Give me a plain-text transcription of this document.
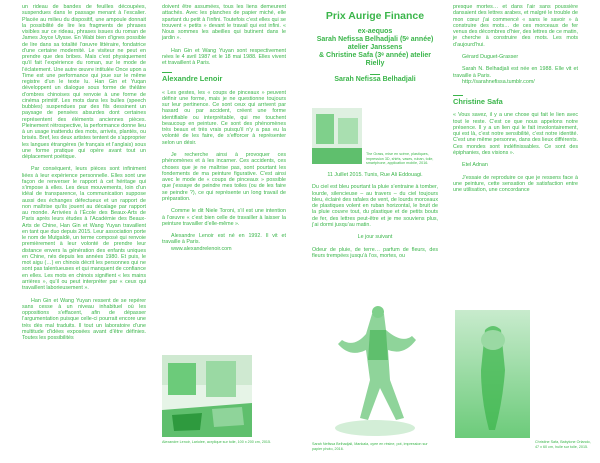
un rideau de bandes de feuilles découpées, suspendues dans le passage menant à l’escalier. Placée au milieu du dispositif, une ampoule donnait la possibilité de lire les fragments de phrases visibles sur ce rideau, phrases issues du roman de James Joyce Ulysse. En Wabi bien d’ignes possible de lire dans sa totalité l’œuvre littéraire, fondatrice d’une certaine modernité. Le visiteur ne peut en prendre que des bribes. Mais c’est physiquement qu’il fait l’expérience du roman, sur le mode de l’éclatement. Une autre œuvre intitulée Once upon a Time est une performance qui joue sur le même registre d’un le texte lu. Han Gin et Yuqan développent un dialogue sous forme de théâtre d’ombres chinoises qui renvoie à une forme de cinéma primitif. Les mots dans les bulles (speech bubbles) suspendues par des fils dessinent un paysage de pensées absurdes dont certaines représentent des éléments anciennes pièces. Pleinement rétrospective, la performance donne lieu à un usage inattendu des mots, arrivés, plantés, ou brisés. Bref, les deux artistes tentent de s’approprier les langues étrangères (le français et l’anglais) sous une forme pratique qui opère avant tout un déplacement poétique.

Par conséquent, leurs pièces sont infiniment liées à leur expérience personnelle. Elles sont une façon de renverser le rapport à cet héritage qui s’impose à elles. Les deux mouvements, loin d’un idéal de transparence, la communication suppose aussi des échanges défectueux et un rapport de non maîtrise qu’ils jouent au décalage par rapport au monde. Arrivées à l’École des Beaux-Arts de Paris après leurs études à l’Académie des Beaux-Arts de Chine, Han Gin et Wang Yuyan travaillent en tant que duo depuis 2015. Leur association porte le nom de Mutgaldë, un terme composé qui renvoie premièrement à leur volonté de prendre leur distance envers la génération des enfants uniques en Chine, nés depuis les années 1980. Et puis, le mot aigu (…) en chinois décrit les personnes qui ne sont pas talentueuses et qui manquent de confiance en elles. Les mots en chinois signifient « les mains arrières », qu’il ou peut interpréter par « ceux qui travaillent laborieusement ».

Han Gin et Wang Yuyan ressent de se repérer sans cesse à un niveau inhabituel où les oppositions s’effacent, afin de dépasser l’argumentation puisque celle-ci pourrait encore une très dès mal traduits. Il tout un laboratoire d’une multitude d’idées exposées avant d’être définies. Toutes les possibilités

doivent être assumées, tous les liens demeurent attachés. Avec les planches de papier miché, elle spartant du petit à l’infini. Toutefois c’est elles qui se trouvent « petits » devant le travail qui est infini. « Nous sommes les abeilles qui butinent dans le jardin ».

Han Gin et Wang Yuyan sont respectivement nées le 4 avril 1987 et le 18 mai 1988. Elles vivent et travaillent à Paris.

Alexandre Lenoir

« Les gestes, les « coups de pinceaux » peuvent définir une forme, mais je ne questionne toujours sur leur pertinence. Ce sont ceux qui arrivent par hasard ou par accident, créent une forme identifiable ou interprétable, qui me touchent beaucoup en peinture. Ce sont des phénomènes très beaux et très vrais puisqu’il n’y a pas eu la volonté de les faire, de s’efforcer à représenter selon un désir.

Je recherche ainsi à provoquer ces phénomènes et à les incarner. Ces accidents, ces choses que je ne maîtrise pas, sont pourtant les fondements de ma peinture figurative. C’est ainsi avec le mode de « coups de pinceaux » possible que j’essaye de peindre mes toiles (ou de les faire se peindre ?), ce qui représente un long travail de préparation.

Comme le dit Niele Toroni, s’il est une intention à l’œuvre « c’est bien celle de travailler à laisser la peinture travailler d’elle-même ».

Alexandre Lenoir est né en 1992. Il vit et travaille à Paris.

www.alexandrelenoir.com

Alexandre Lenoir, Lariolee, acrylique sur toile, 100 x 200 cm, 2015.

Prix Aurige Finance

ex-aequos

Sarah Nefissa Belhadjali (5ᵉ année) atelier Janssens

& Christine Safa (3ᵉ année) atelier Rielly

Sarah Nefissa Belhadjali

The Grass, mise en scène, plastiques, impression 3D, shirts, vases, ruban, toile, smartphone, application mobile, 2016.

11 Juillet 2015. Tunis, Rue Ali Eddouagi.

Du ciel est bleu pourtant la pluie s’entraine à tomber, lourde, silencieuse – au travers – du ciel toujours bleu, éclairé des rafales de vent, de lourds morceaux de plastiques volent en ruban horizontal, le bruit de la pluie couvre tout, du plastique et de petits bouts de fer, des lettres peut-être et je me souviens plus, j’ai dormi jusqu’au matin.

Le jour suivant

Odeur de pluie, de terre… parfum de fleurs, des fleurs trempées jusqu’à l’os, mortes, ou

Sarah Nefissa Belhadjali, Mankala, oyee en résine, pot, impression sur papier photo, 2016.

presque mortes… et dans l’air sans poussière dansaient des lettres arabes, et malgré le trouble de mon cœur j’ai commencé « sans le savoir » à construire des mots… de ces morceaux de fer venus des décombres d’hier, des lettres de ce matin, je cherche à construire des mots. Les mots d’aujourd’hui.

Gérard Duguet-Grasser

Sarah N. Belhadjali est née en 1988. Elle vit et travaille à Paris.

http://sarahnefissa.tumblr.com/

Christine Safa

« Vous savez, il y a une chose qui fait le lien avec tout le reste. C’est ce que nous appelons notre présence. Il y a un lien qui le fait involontairement, qui est là, c’est notre sensibilité, c’est notre identité. C’est une même personne, dans des lieux différents. Ces mondes sont indéfinissables. Ce sont des épiphanies, des visions ».

Etel Adnan

J’essaie de reproduire ce que je ressens face à une peinture, cette sensation de satisfaction entre une utilisation, une concordance

Christine Safa, Babylone Orlando, 47 x 60 cm, huile sur toile, 2015.
